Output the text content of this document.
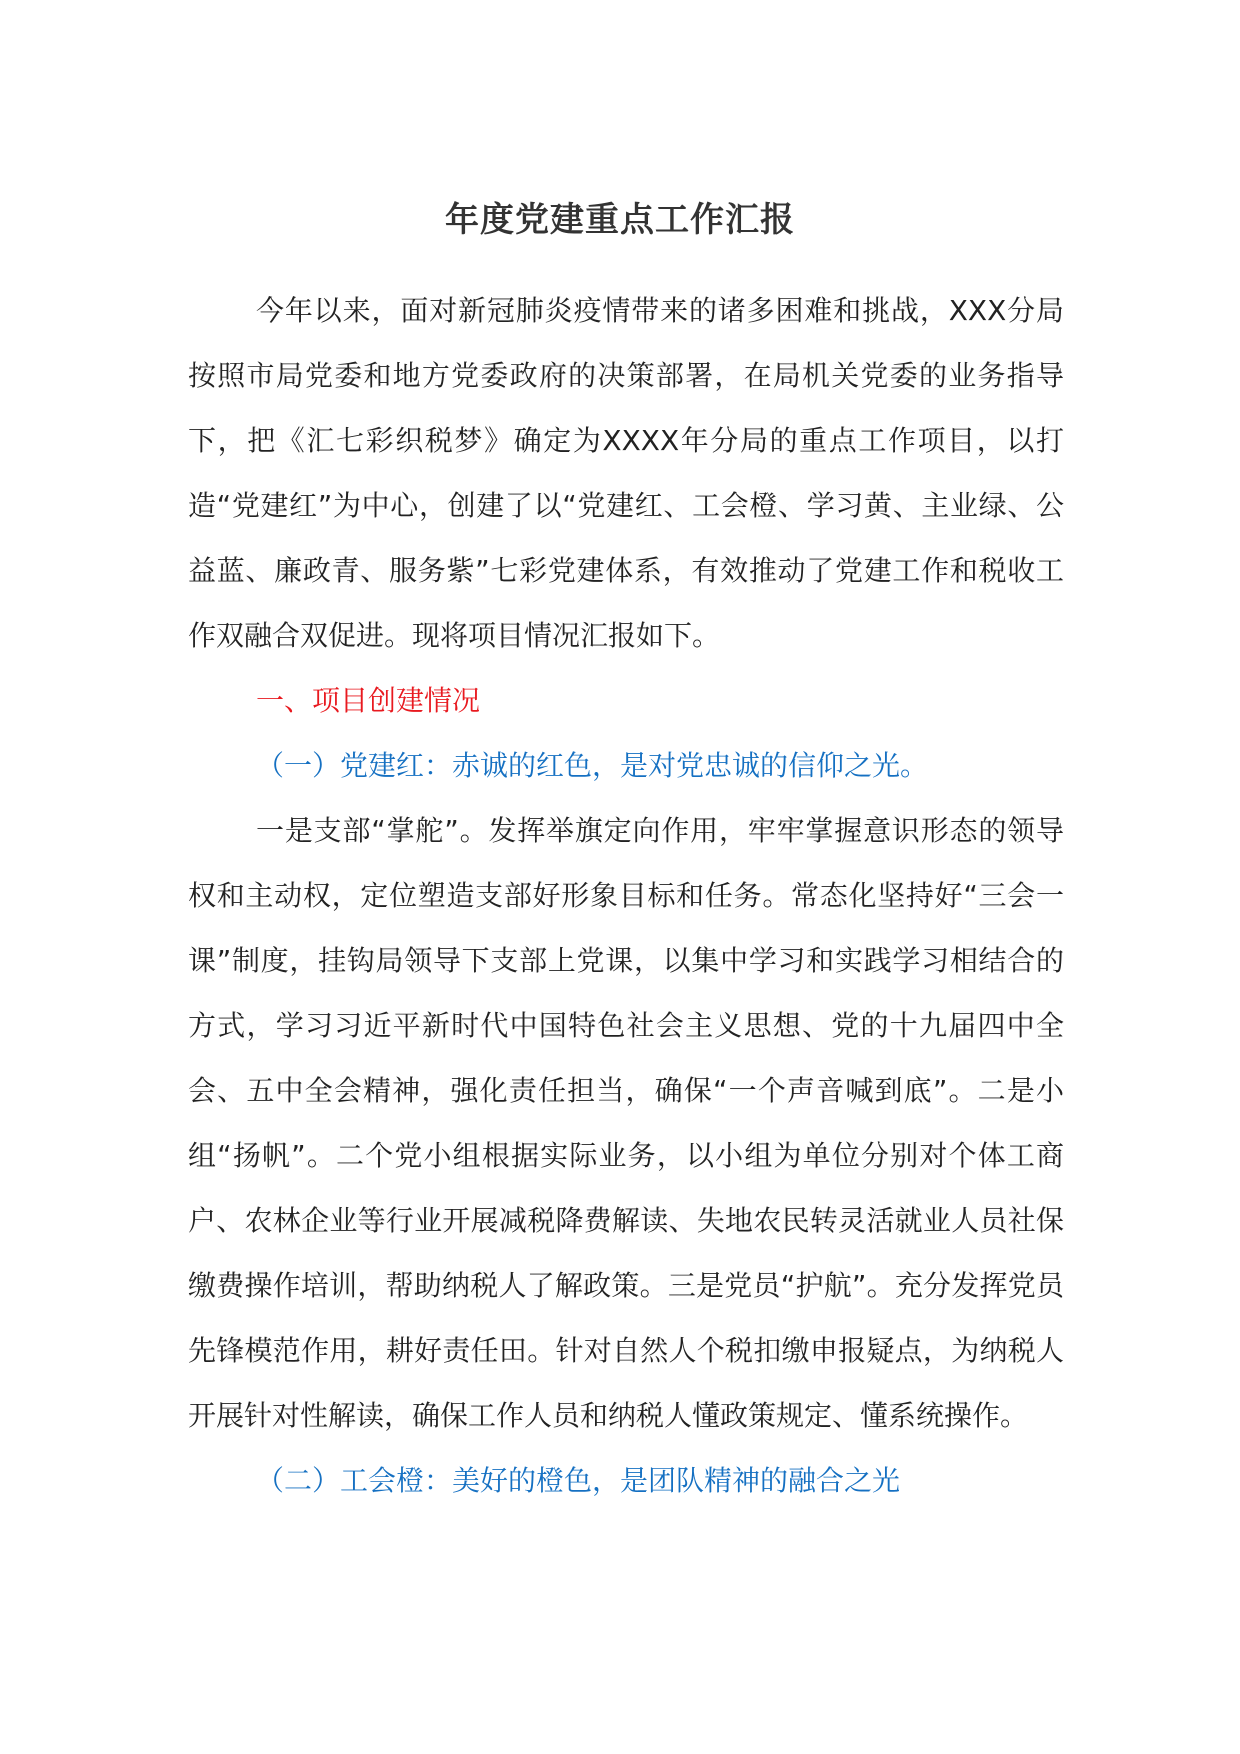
年度党建重点工作汇报

今年以来，面对新冠肺炎疫情带来的诸多困难和挑战，XXX分局按照市局党委和地方党委政府的决策部署，在局机关党委的业务指导下，把《汇七彩织税梦》确定为XXXX年分局的重点工作项目，以打造“党建红”为中心，创建了以“党建红、工会橙、学习黄、主业绿、公益蓝、廉政青、服务紫”七彩党建体系，有效推动了党建工作和税收工作双融合双促进。现将项目情况汇报如下。

一、项目创建情况

（一）党建红：赤诚的红色，是对党忠诚的信仰之光。

一是支部“掌舵”。发挥举旗定向作用，牢牢掌握意识形态的领导权和主动权，定位塑造支部好形象目标和任务。常态化坚持好“三会一课”制度，挂钩局领导下支部上党课，以集中学习和实践学习相结合的方式，学习习近平新时代中国特色社会主义思想、党的十九届四中全会、五中全会精神，强化责任担当，确保“一个声音喊到底”。二是小组“扬帆”。二个党小组根据实际业务，以小组为单位分别对个体工商户、农林企业等行业开展减税降费解读、失地农民转灵活就业人员社保缴费操作培训，帮助纳税人了解政策。三是党员“护航”。充分发挥党员先锋模范作用，耕好责任田。针对自然人个税扣缴申报疑点，为纳税人开展针对性解读，确保工作人员和纳税人懂政策规定、懂系统操作。

（二）工会橙：美好的橙色，是团队精神的融合之光
